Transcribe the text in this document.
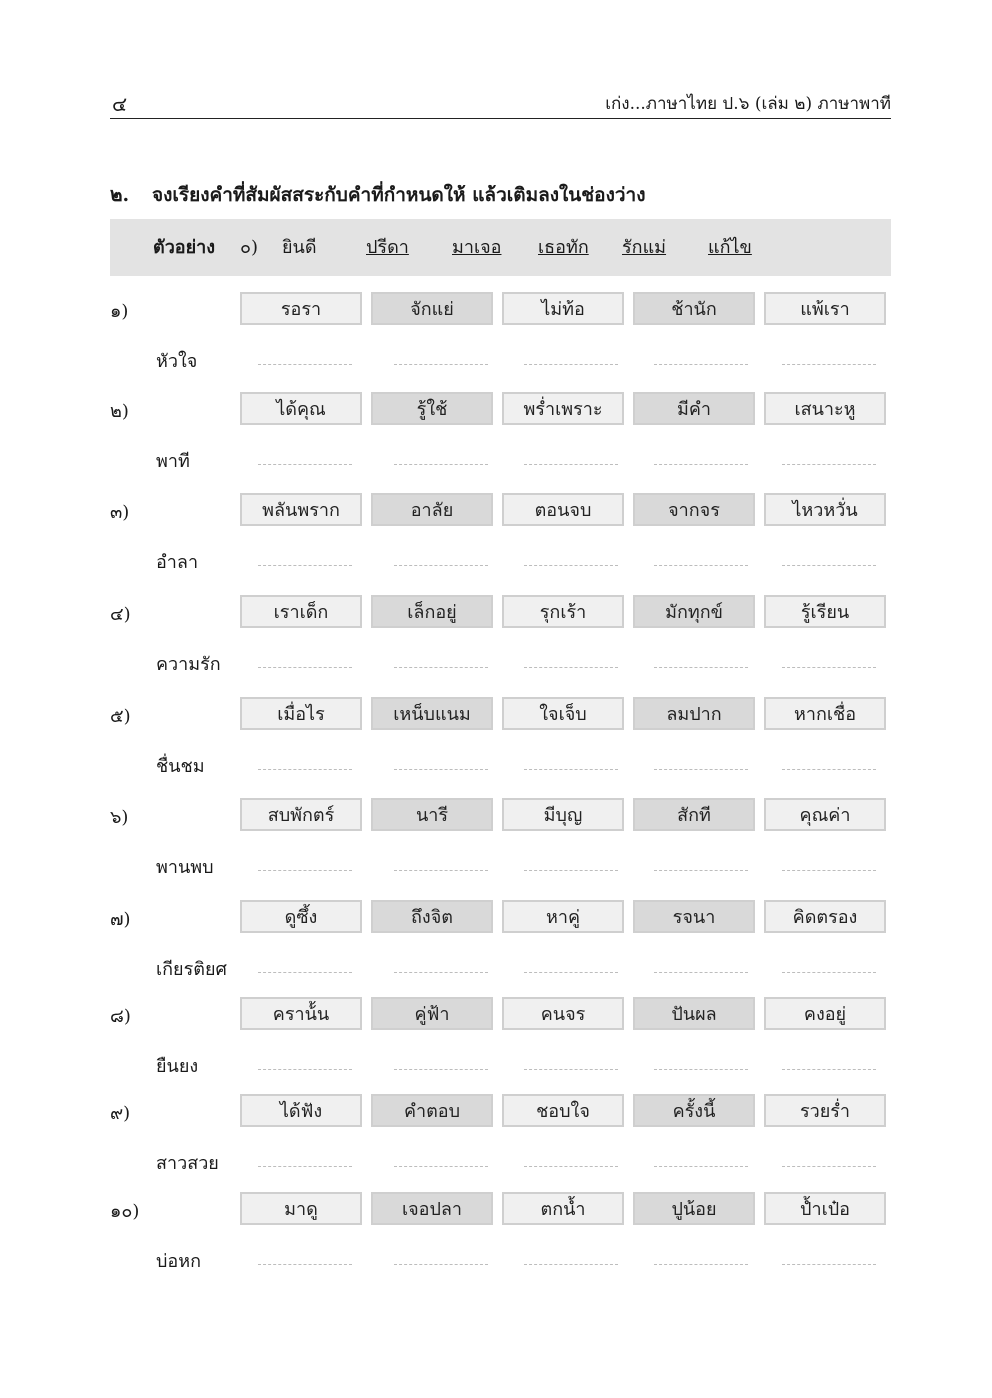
๔	เก่ง...ภาษาไทย ป.๖ (เล่ม ๒) ภาษาพาที
๒. จงเรียงคำที่สัมผัสสระกับคำที่กำหนดให้ แล้วเติมลงในช่องว่าง
ตัวอย่าง ๐) ยินดี	ปรีดา มาเจอ เธอทัก รักแม่ แก้ไข
๑)	รอรา	จักแย่	ไม่ท้อ	ช้านัก	แพ้เรา
หัวใจ
๒)	ได้คุณ	รู้ใช้	พร่ำเพราะ	มีคำ	เสนาะหู
พาที
๓)	พลันพราก	อาลัย	ตอนจบ	จากจร	ไหวหวั่น
อำลา
๔)	เราเด็ก	เล็กอยู่	รุกเร้า	มักทุกข์	รู้เรียน
ความรัก
๕)	เมื่อไร	เหน็บแนม	ใจเจ็บ	ลมปาก	หากเชื่อ
ชื่นชม
๖)	สบพักตร์	นารี	มีบุญ	สักที	คุณค่า
พานพบ
๗)	ดูซึ้ง	ถึงจิต	หาคู่	รจนา	คิดตรอง
เกียรติยศ
๘)	คราน้้น	คู่ฟ้า	คนจร	ปันผล	คงอยู่
ยืนยง
๙)	ได้ฟัง	คำตอบ	ชอบใจ	ครั้งนี้	รวยร่ำ
สาวสวย
๑๐)	มาดู	เจอปลา	ตกน้ำ	ปูน้อย	ป้ำเป๋อ
บ่อหก
